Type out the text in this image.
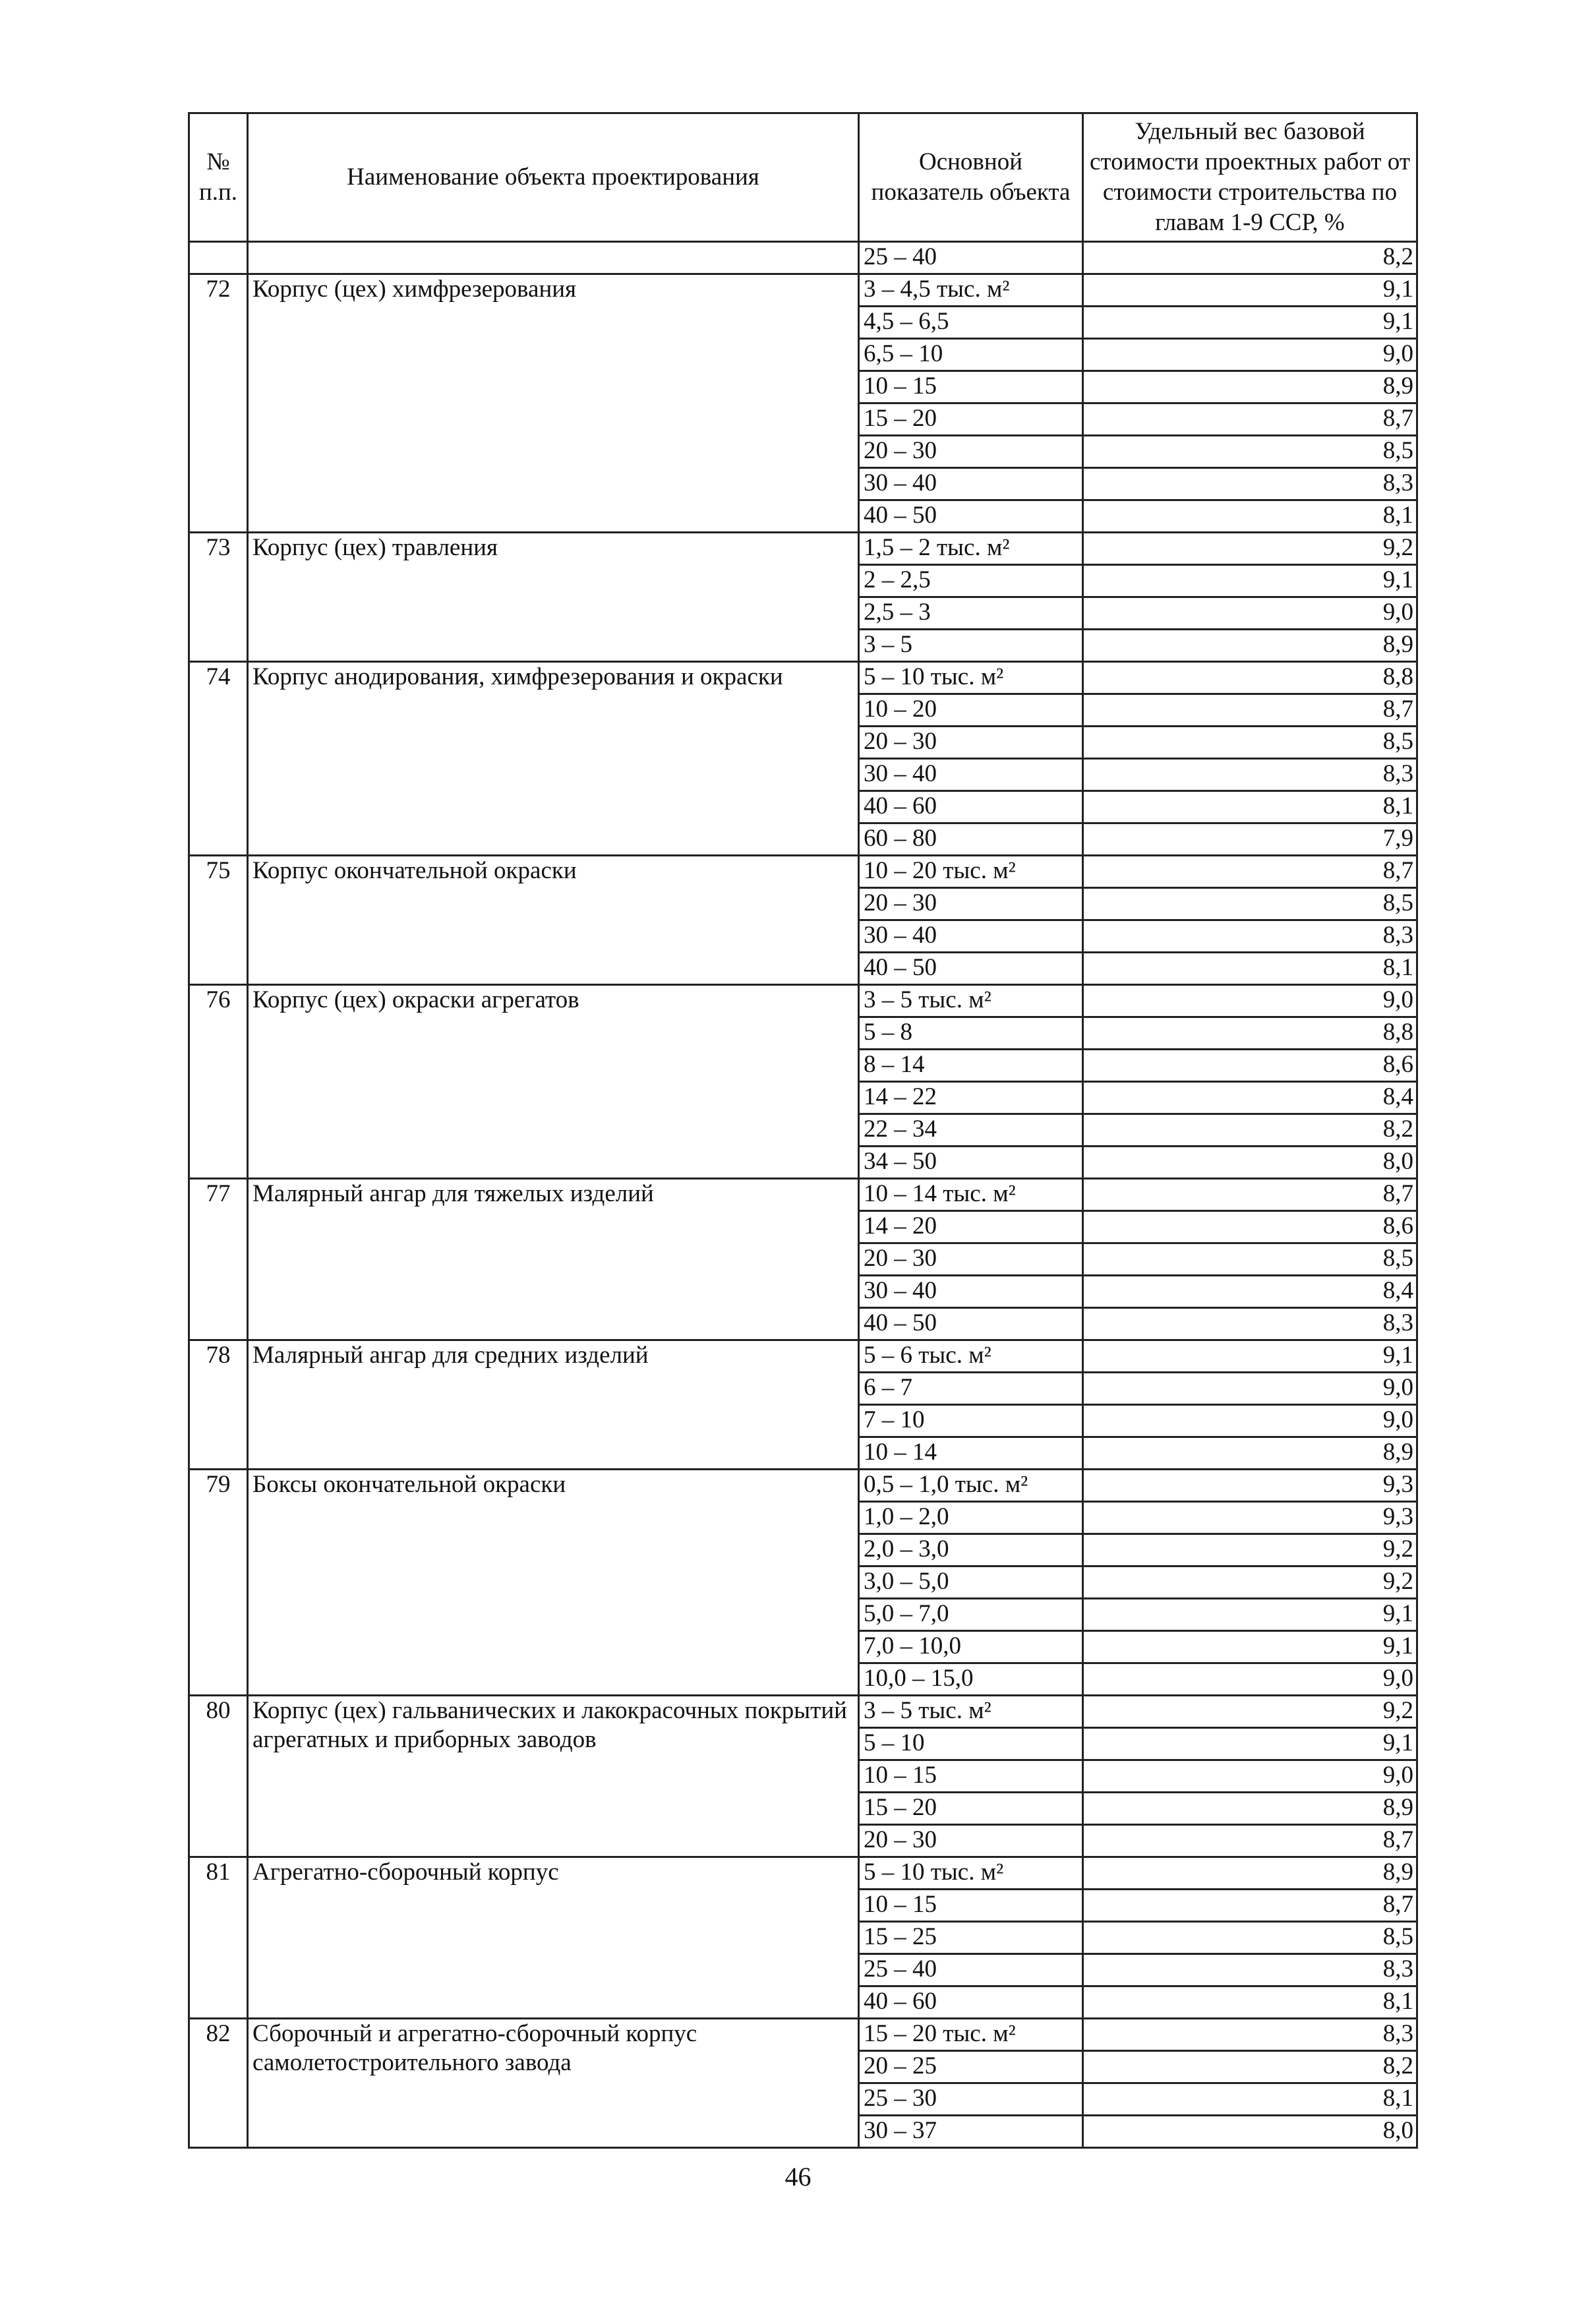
№ п.п.	Наименование объекта проектирования	Основной показатель объекта	Удельный вес базовой стоимости проектных работ от стоимости строительства по главам 1-9 ССР, %
		25 – 40	8,2
72	Корпус (цех) химфрезерования	3 – 4,5 тыс. м²	9,1
		4,5 – 6,5	9,1
		6,5 – 10	9,0
		10 – 15	8,9
		15 – 20	8,7
		20 – 30	8,5
		30 – 40	8,3
		40 – 50	8,1
73	Корпус (цех) травления	1,5 – 2 тыс. м²	9,2
		2 – 2,5	9,1
		2,5 – 3	9,0
		3 – 5	8,9
74	Корпус анодирования, химфрезерования и окраски	5 – 10 тыс. м²	8,8
		10 – 20	8,7
		20 – 30	8,5
		30 – 40	8,3
		40 – 60	8,1
		60 – 80	7,9
75	Корпус окончательной окраски	10 – 20 тыс. м²	8,7
		20 – 30	8,5
		30 – 40	8,3
		40 – 50	8,1
76	Корпус (цех) окраски агрегатов	3 – 5 тыс. м²	9,0
		5 – 8	8,8
		8 – 14	8,6
		14 – 22	8,4
		22 – 34	8,2
		34 – 50	8,0
77	Малярный ангар для тяжелых изделий	10 – 14 тыс. м²	8,7
		14 – 20	8,6
		20 – 30	8,5
		30 – 40	8,4
		40 – 50	8,3
78	Малярный ангар для средних изделий	5 – 6 тыс. м²	9,1
		6 – 7	9,0
		7 – 10	9,0
		10 – 14	8,9
79	Боксы окончательной окраски	0,5 – 1,0 тыс. м²	9,3
		1,0 – 2,0	9,3
		2,0 – 3,0	9,2
		3,0 – 5,0	9,2
		5,0 – 7,0	9,1
		7,0 – 10,0	9,1
		10,0 – 15,0	9,0
80	Корпус (цех) гальванических и лакокрасочных покрытий агрегатных и приборных заводов	3 – 5 тыс. м²	9,2
		5 – 10	9,1
		10 – 15	9,0
		15 – 20	8,9
		20 – 30	8,7
81	Агрегатно-сборочный корпус	5 – 10 тыс. м²	8,9
		10 – 15	8,7
		15 – 25	8,5
		25 – 40	8,3
		40 – 60	8,1
82	Сборочный и агрегатно-сборочный корпус самолетостроительного завода	15 – 20 тыс. м²	8,3
		20 – 25	8,2
		25 – 30	8,1
		30 – 37	8,0
46
